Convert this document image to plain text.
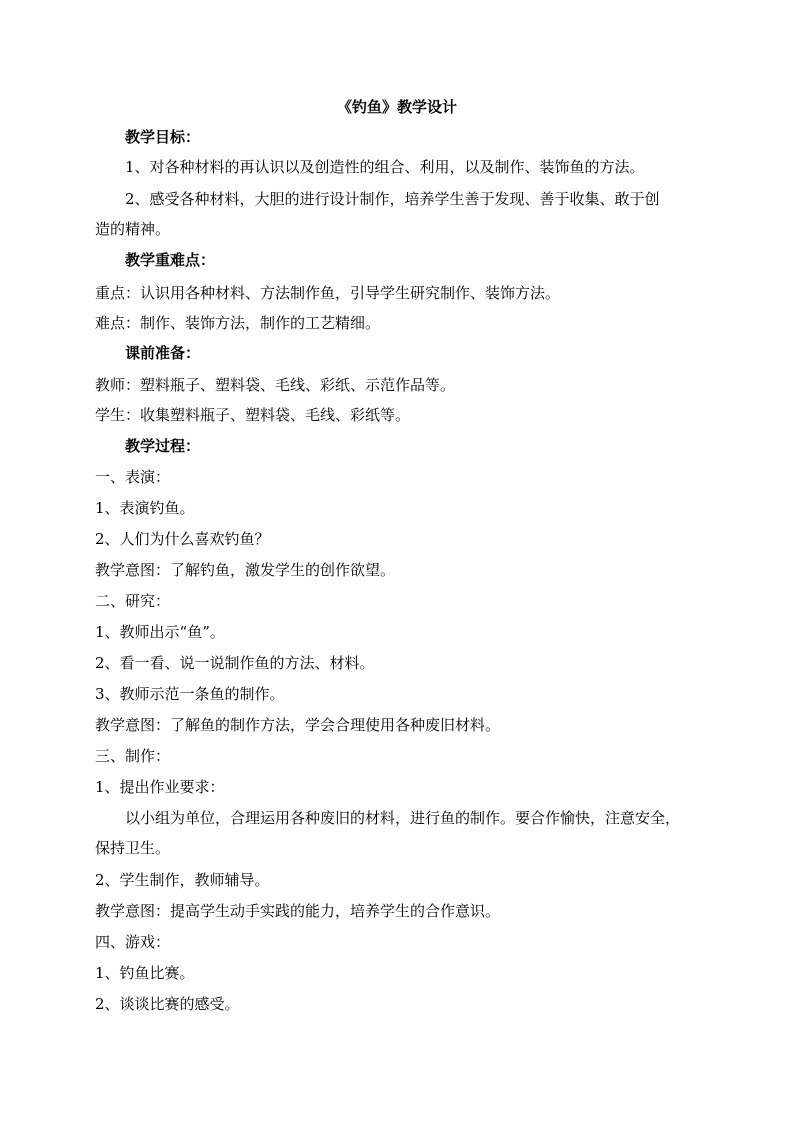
《钓鱼》教学设计
教学目标：
1、对各种材料的再认识以及创造性的组合、利用，以及制作、装饰鱼的方法。
2、感受各种材料，大胆的进行设计制作，培养学生善于发现、善于收集、敢于创
造的精神。
教学重难点：
重点：认识用各种材料、方法制作鱼，引导学生研究制作、装饰方法。
难点：制作、装饰方法，制作的工艺精细。
课前准备：
教师：塑料瓶子、塑料袋、毛线、彩纸、示范作品等。
学生：收集塑料瓶子、塑料袋、毛线、彩纸等。
教学过程：
一、表演：
1、表演钓鱼。
2、人们为什么喜欢钓鱼？
教学意图：了解钓鱼，激发学生的创作欲望。
二、研究：
1、教师出示“鱼”。
2、看一看、说一说制作鱼的方法、材料。
3、教师示范一条鱼的制作。
教学意图：了解鱼的制作方法，学会合理使用各种废旧材料。
三、制作：
1、提出作业要求：
以小组为单位，合理运用各种废旧的材料，进行鱼的制作。要合作愉快，注意安全，
保持卫生。
2、学生制作，教师辅导。
教学意图：提高学生动手实践的能力，培养学生的合作意识。
四、游戏：
1、钓鱼比赛。
2、谈谈比赛的感受。
